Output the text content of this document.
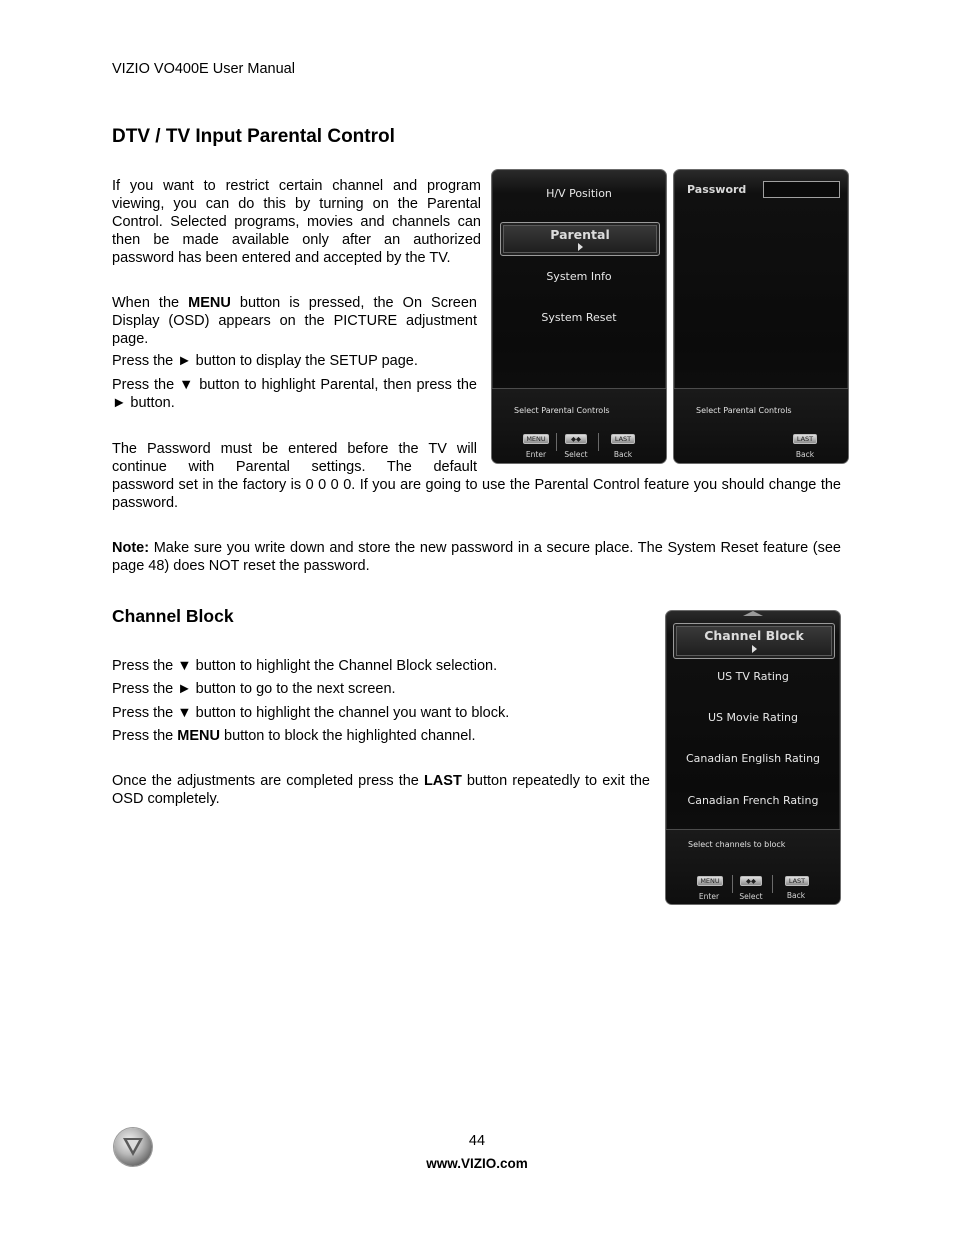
VIZIO VO400E User Manual
DTV / TV Input Parental Control

If you want to restrict certain channel and program viewing, you can do this by turning on the Parental Control. Selected programs, movies and channels can then be made available only after an authorized password has been entered and accepted by the TV.

When the MENU button is pressed, the On Screen Display (OSD) appears on the PICTURE adjustment page.

Press the ► button to display the SETUP page.

Press the ▼ button to highlight Parental, then press the ► button.

The Password must be entered before the TV will continue with Parental settings. The default

password set in the factory is 0 0 0 0. If you are going to use the Parental Control feature you should change the password.

Note: Make sure you write down and store the new password in a secure place. The System Reset feature (see page 48) does NOT reset the password.

H/V Position
Parental
System Info
System Reset
Select Parental Controls
MENU
Enter
◆◆
Select
LAST
Back
Password
Select Parental Controls
LAST
Back
Channel Block
Press the ▼ button to highlight the Channel Block selection.
Press the ► button to go to the next screen.
Press the ▼ button to highlight the channel you want to block.
Press the MENU button to block the highlighted channel.

Once the adjustments are completed press the LAST button repeatedly to exit the OSD completely.

Channel Block
US TV Rating
US Movie Rating
Canadian English Rating
Canadian French Rating
Select channels to block
MENU
Enter
◆◆
Select
LAST
Back
44
www.VIZIO.com
